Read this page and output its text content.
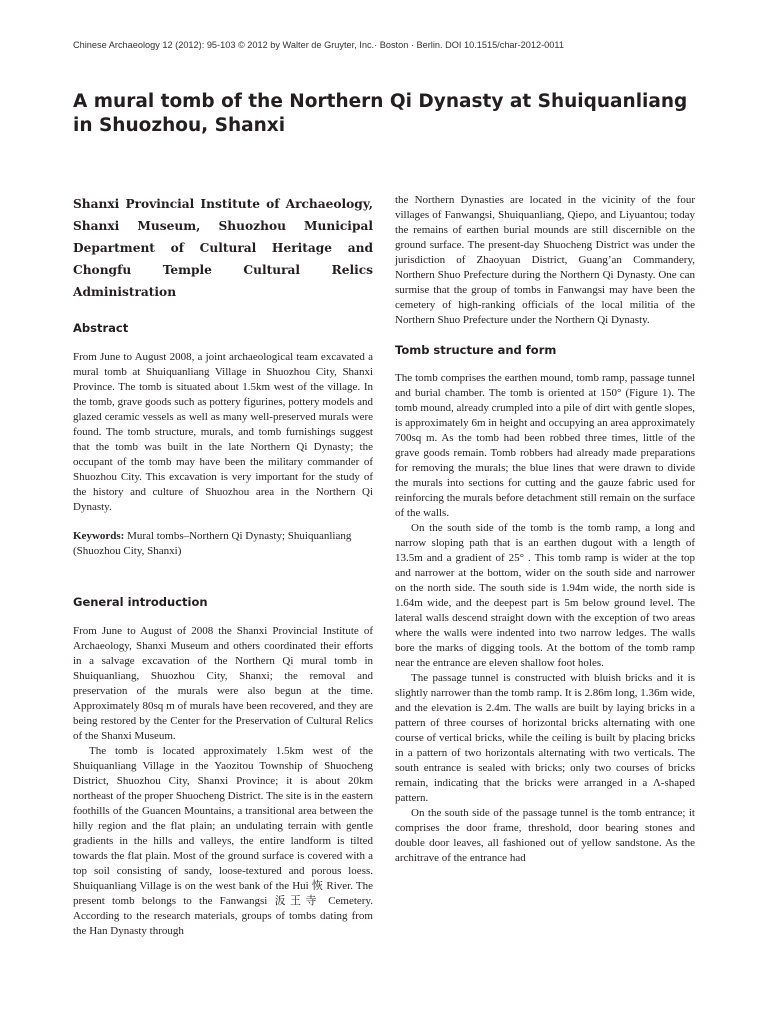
Chinese Archaeology 12 (2012): 95-103 © 2012 by Walter de Gruyter, Inc.· Boston · Berlin. DOI 10.1515/char-2012-0011
A mural tomb of the Northern Qi Dynasty at Shuiquanliang in Shuozhou, Shanxi

Shanxi Provincial Institute of Archaeology, Shanxi Museum, Shuozhou Municipal Department of Cultural Heritage and Chongfu Temple Cultural Relics Administration

Abstract

From June to August 2008, a joint archaeological team excavated a mural tomb at Shuiquanliang Village in Shuozhou City, Shanxi Province. The tomb is situated about 1.5km west of the village. In the tomb, grave goods such as pottery figurines, pottery models and glazed ceramic vessels as well as many well-preserved murals were found. The tomb structure, murals, and tomb furnishings suggest that the tomb was built in the late Northern Qi Dynasty; the occupant of the tomb may have been the military commander of Shuozhou City. This excavation is very important for the study of the history and culture of Shuozhou area in the Northern Qi Dynasty.

Keywords: Mural tombs–Northern Qi Dynasty; Shuiquanliang (Shuozhou City, Shanxi)

General introduction

From June to August of 2008 the Shanxi Provincial Institute of Archaeology, Shanxi Museum and others coordinated their efforts in a salvage excavation of the Northern Qi mural tomb in Shuiquanliang, Shuozhou City, Shanxi; the removal and preservation of the murals were also begun at the time. Approximately 80sq m of murals have been recovered, and they are being restored by the Center for the Preservation of Cultural Relics of the Shanxi Museum.

The tomb is located approximately 1.5km west of the Shuiquanliang Village in the Yaozitou Township of Shuocheng District, Shuozhou City, Shanxi Province; it is about 20km northeast of the proper Shuocheng District. The site is in the eastern foothills of the Guancen Mountains, a transitional area between the hilly region and the flat plain; an undulating terrain with gentle gradients in the hills and valleys, the entire landform is tilted towards the flat plain. Most of the ground surface is covered with a top soil consisting of sandy, loose-textured and porous loess. Shuiquanliang Village is on the west bank of the Hui 恢 River. The present tomb belongs to the Fanwangsi 汳王寺 Cemetery. According to the research materials, groups of tombs dating from the Han Dynasty through

the Northern Dynasties are located in the vicinity of the four villages of Fanwangsi, Shuiquanliang, Qiepo, and Liyuantou; today the remains of earthen burial mounds are still discernible on the ground surface. The present-day Shuocheng District was under the jurisdiction of Zhaoyuan District, Guang’an Commandery, Northern Shuo Prefecture during the Northern Qi Dynasty. One can surmise that the group of tombs in Fanwangsi may have been the cemetery of high-ranking officials of the local militia of the Northern Shuo Prefecture under the Northern Qi Dynasty.

Tomb structure and form

The tomb comprises the earthen mound, tomb ramp, passage tunnel and burial chamber. The tomb is oriented at 150° (Figure 1). The tomb mound, already crumpled into a pile of dirt with gentle slopes, is approximately 6m in height and occupying an area approximately 700sq m. As the tomb had been robbed three times, little of the grave goods remain. Tomb robbers had already made preparations for removing the murals; the blue lines that were drawn to divide the murals into sections for cutting and the gauze fabric used for reinforcing the murals before detachment still remain on the surface of the walls.

On the south side of the tomb is the tomb ramp, a long and narrow sloping path that is an earthen dugout with a length of 13.5m and a gradient of 25° . This tomb ramp is wider at the top and narrower at the bottom, wider on the south side and narrower on the north side. The south side is 1.94m wide, the north side is 1.64m wide, and the deepest part is 5m below ground level. The lateral walls descend straight down with the exception of two areas where the walls were indented into two narrow ledges. The walls bore the marks of digging tools. At the bottom of the tomb ramp near the entrance are eleven shallow foot holes.

The passage tunnel is constructed with bluish bricks and it is slightly narrower than the tomb ramp. It is 2.86m long, 1.36m wide, and the elevation is 2.4m. The walls are built by laying bricks in a pattern of three courses of horizontal bricks alternating with one course of vertical bricks, while the ceiling is built by placing bricks in a pattern of two horizontals alternating with two verticals. The south entrance is sealed with bricks; only two courses of bricks remain, indicating that the bricks were arranged in a Λ-shaped pattern.

On the south side of the passage tunnel is the tomb entrance; it comprises the door frame, threshold, door bearing stones and double door leaves, all fashioned out of yellow sandstone. As the architrave of the entrance had
